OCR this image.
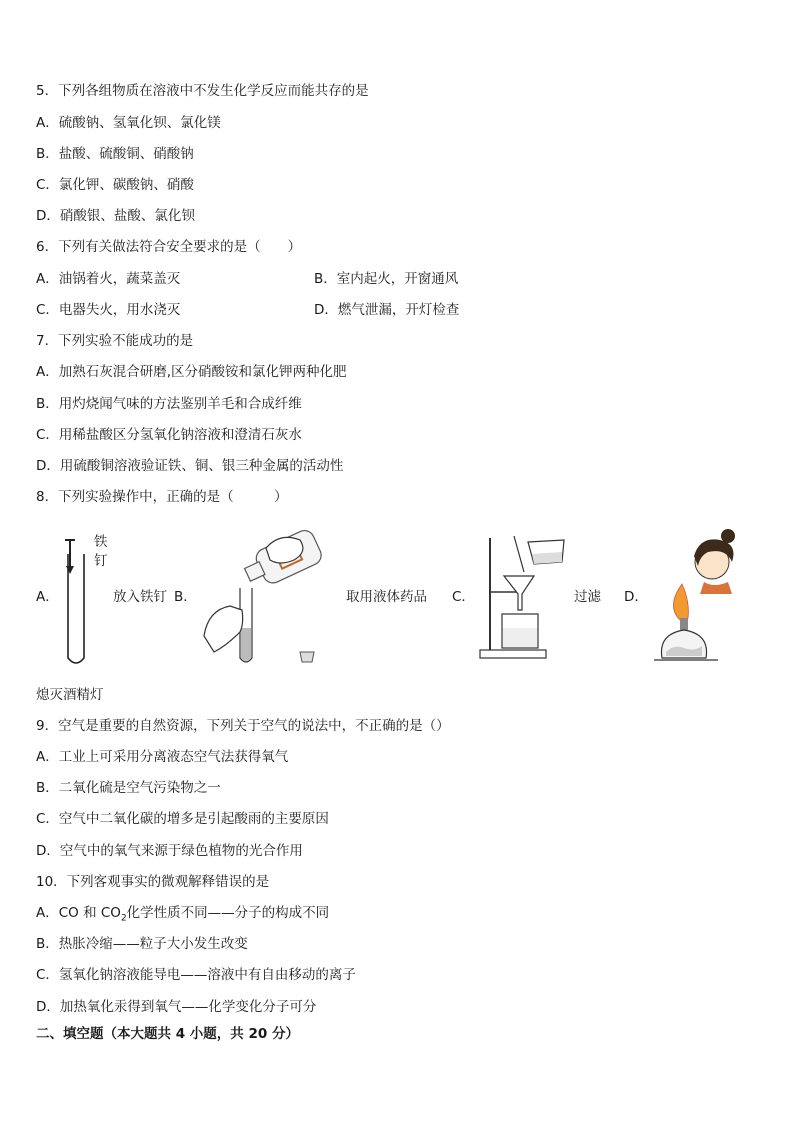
5．下列各组物质在溶液中不发生化学反应而能共存的是
A．硫酸钠、氢氧化钡、氯化镁
B．盐酸、硫酸铜、硝酸钠
C．氯化钾、碳酸钠、硝酸
D．硝酸银、盐酸、氯化钡
6．下列有关做法符合安全要求的是（　　）
A．油锅着火，蔬菜盖灭	B．室内起火，开窗通风
C．电器失火，用水浇灭	D．燃气泄漏，开灯检查
7．下列实验不能成功的是
A．加熟石灰混合研磨,区分硝酸铵和氯化钾两种化肥
B．用灼烧闻气味的方法鉴别羊毛和合成纤维
C．用稀盐酸区分氢氧化钠溶液和澄清石灰水
D．用硫酸铜溶液验证铁、铜、银三种金属的活动性
8．下列实验操作中，正确的是（　　　）
A．
铁
钉
放入铁钉 B．	取用液体药品 C．	过滤 D．
熄灭酒精灯
9．空气是重要的自然资源，下列关于空气的说法中，不正确的是（）
A．工业上可采用分离液态空气法获得氧气
B．二氧化硫是空气污染物之一
C．空气中二氧化碳的增多是引起酸雨的主要原因
D．空气中的氧气来源于绿色植物的光合作用
10．下列客观事实的微观解释错误的是
A．CO 和 $CO_2$化学性质不同——分子的构成不同
B．热胀冷缩——粒子大小发生改变
C．氢氧化钠溶液能导电——溶液中有自由移动的离子
D．加热氧化汞得到氧气——化学变化分子可分
二、填空题（本大题共 4 小题，共 20 分）
